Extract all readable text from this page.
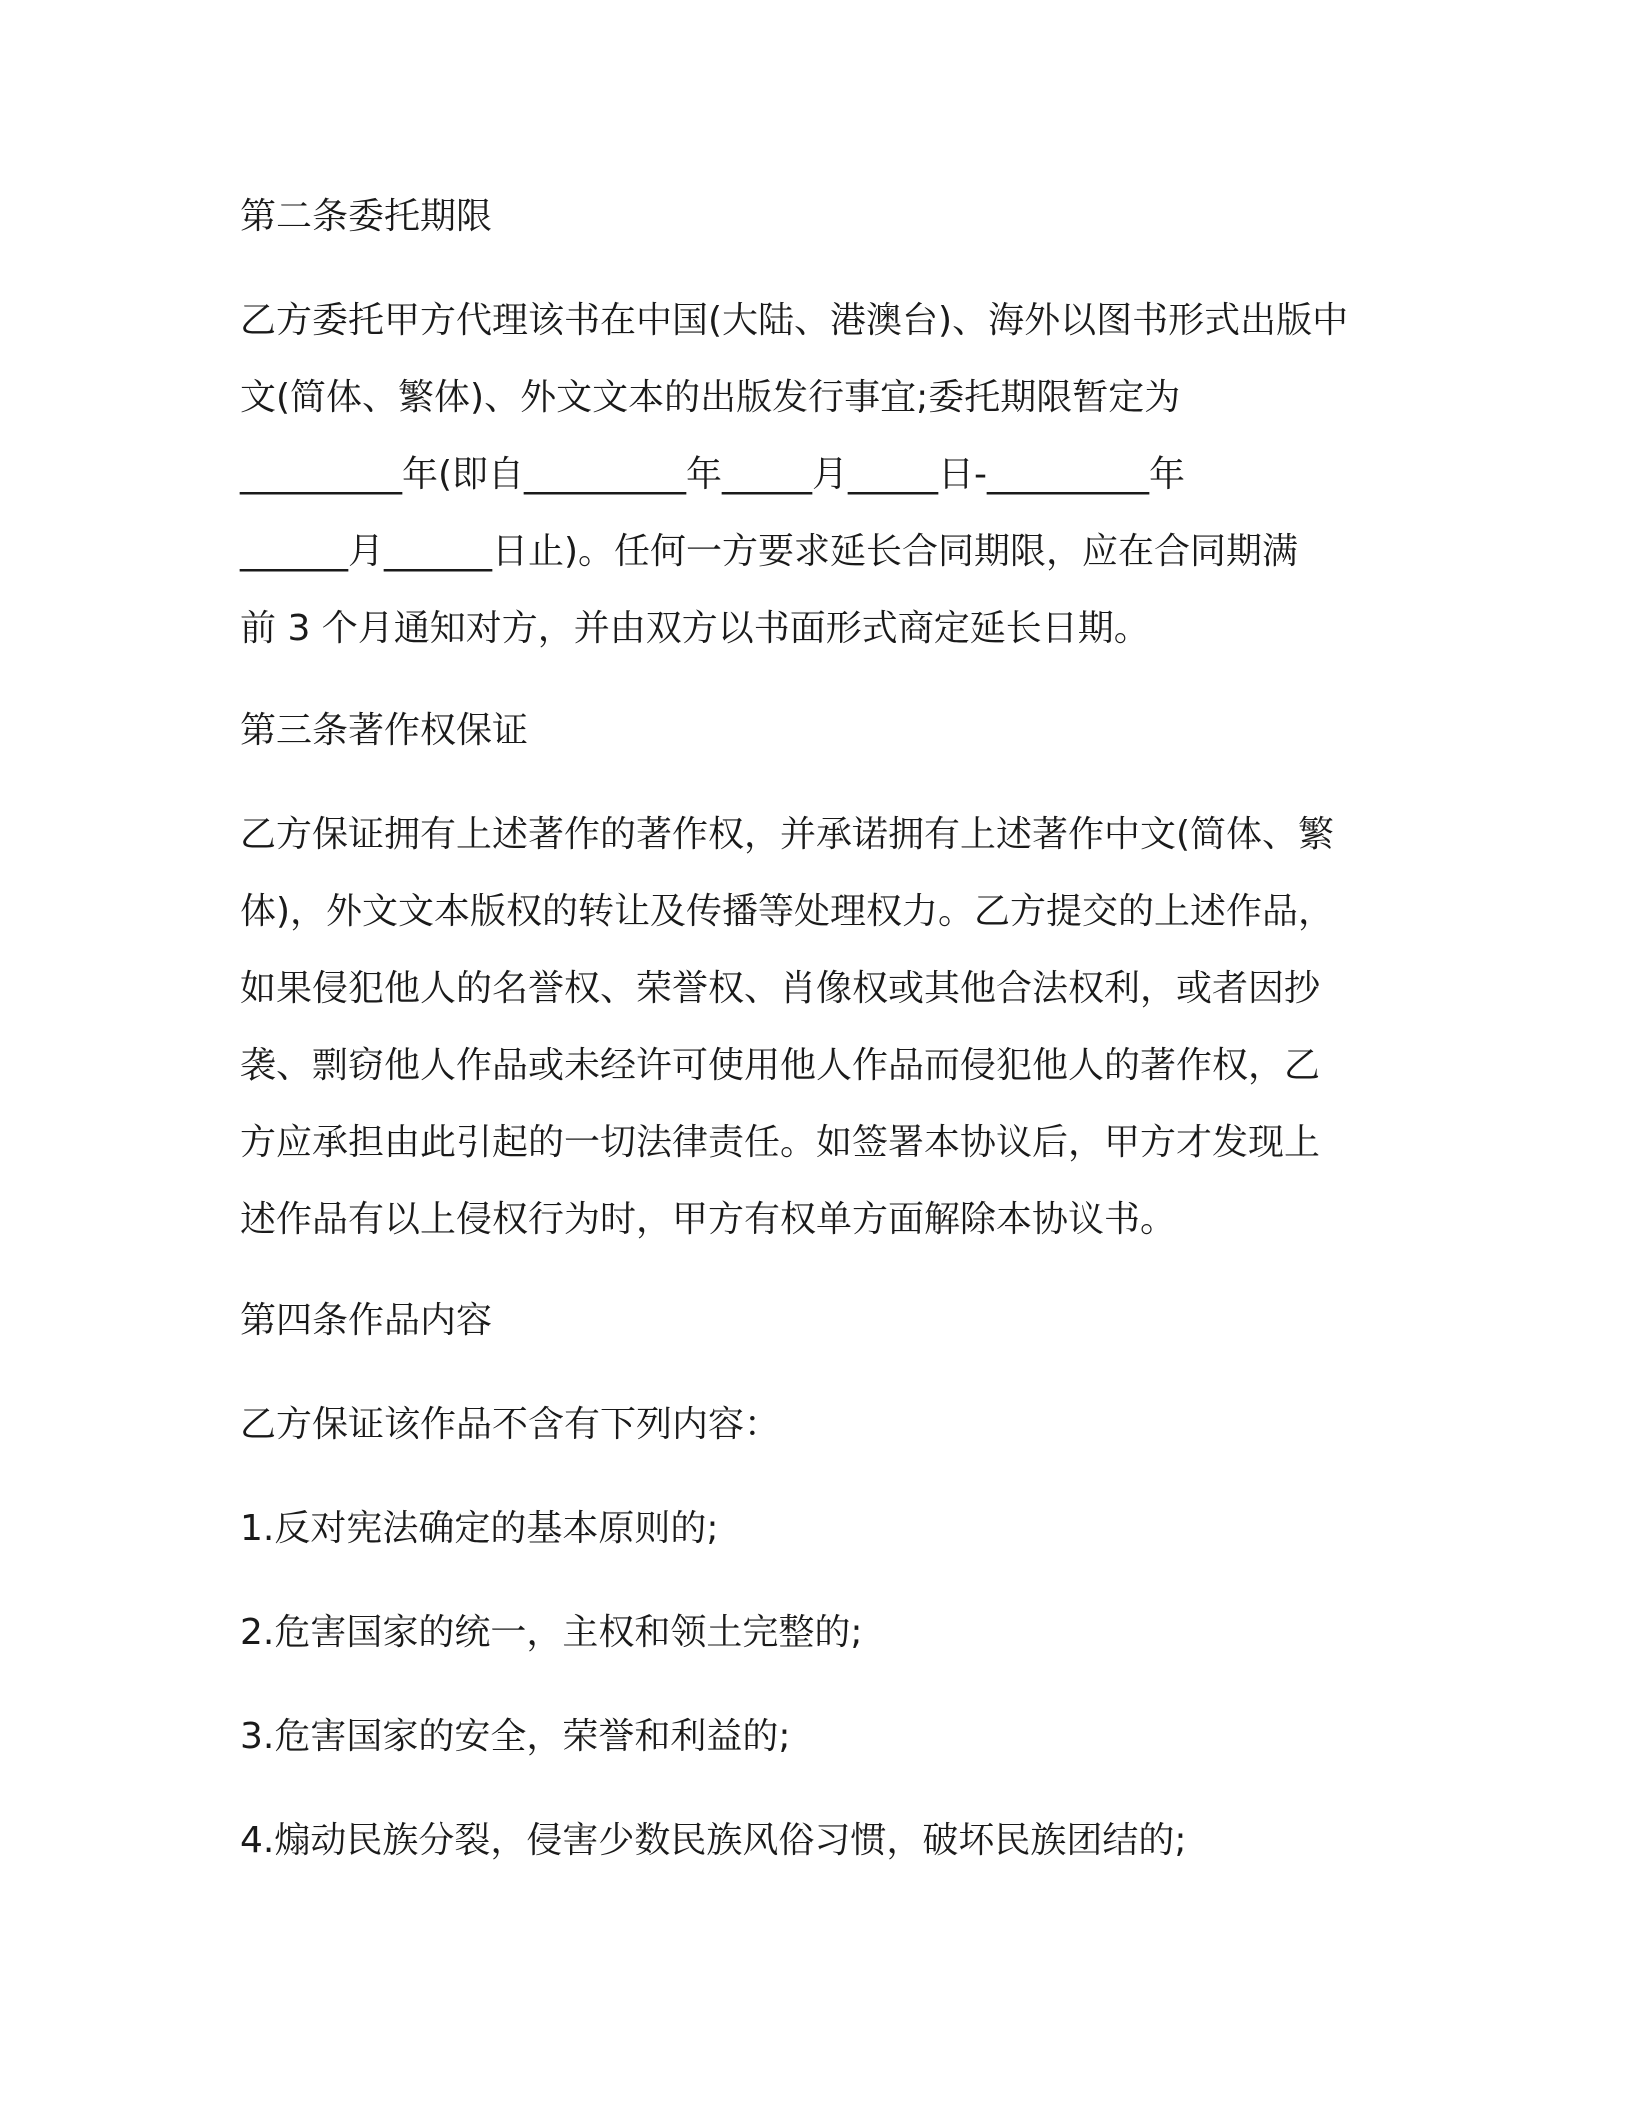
第二条委托期限
乙方委托甲方代理该书在中国(大陆、港澳台)、海外以图书形式出版中
文(简体、繁体)、外文文本的出版发行事宜;委托期限暂定为
_________年(即自_________年_____月_____日-_________年
______月______日止)。任何一方要求延长合同期限，应在合同期满
前 3 个月通知对方，并由双方以书面形式商定延长日期。
第三条著作权保证
乙方保证拥有上述著作的著作权，并承诺拥有上述著作中文(简体、繁
体)，外文文本版权的转让及传播等处理权力。乙方提交的上述作品，
如果侵犯他人的名誉权、荣誉权、肖像权或其他合法权利，或者因抄
袭、剽窃他人作品或未经许可使用他人作品而侵犯他人的著作权，乙
方应承担由此引起的一切法律责任。如签署本协议后，甲方才发现上
述作品有以上侵权行为时，甲方有权单方面解除本协议书。
第四条作品内容

乙方保证该作品不含有下列内容：

1.反对宪法确定的基本原则的;

2.危害国家的统一，主权和领土完整的;

3.危害国家的安全，荣誉和利益的;

4.煽动民族分裂，侵害少数民族风俗习惯，破坏民族团结的;
